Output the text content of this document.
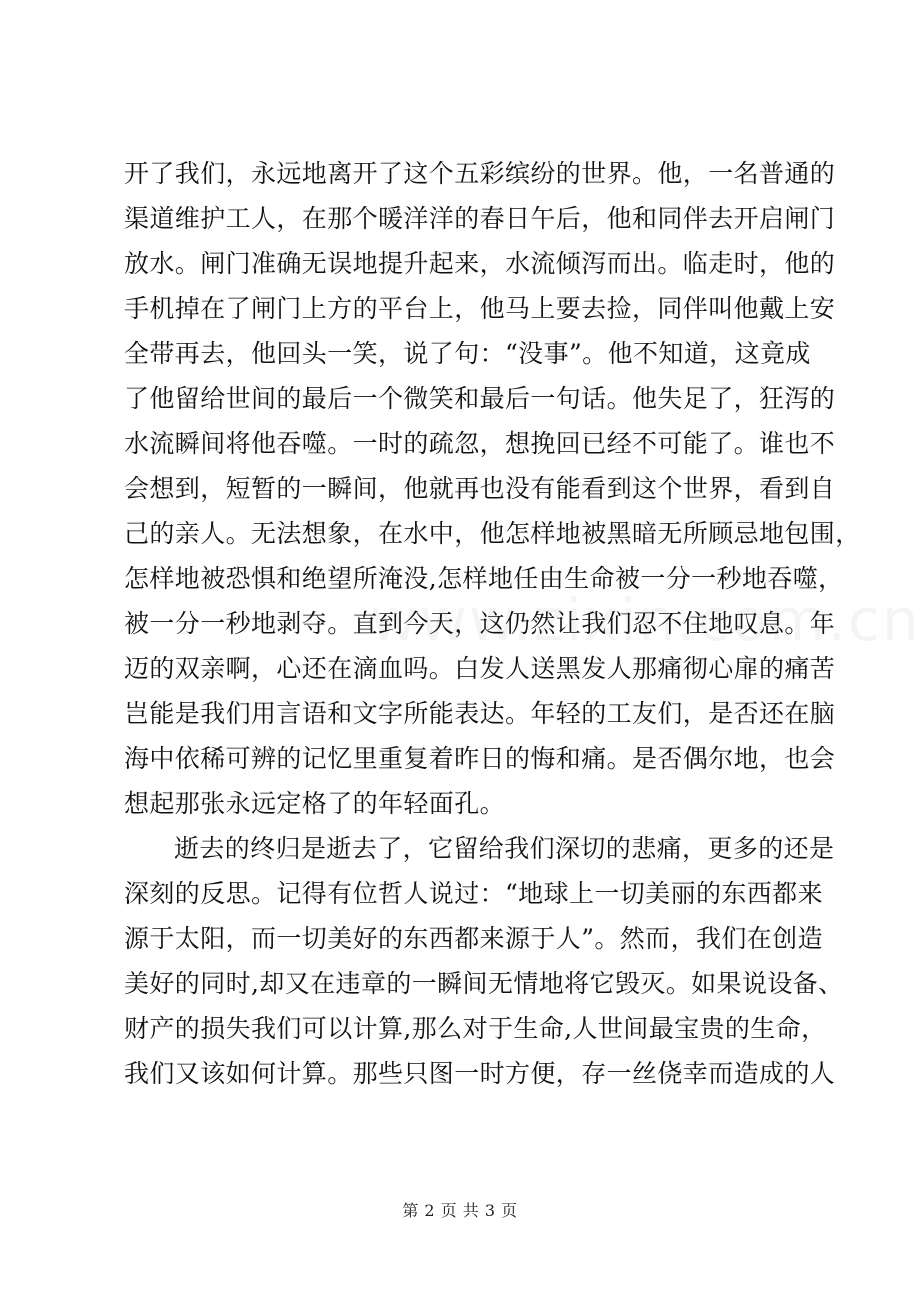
开了我们，永远地离开了这个五彩缤纷的世界。他，一名普通的
渠道维护工人，在那个暖洋洋的春日午后，他和同伴去开启闸门
放水。闸门准确无误地提升起来，水流倾泻而出。临走时，他的
手机掉在了闸门上方的平台上，他马上要去捡，同伴叫他戴上安
全带再去，他回头一笑，说了句：“没事”。他不知道，这竟成
了他留给世间的最后一个微笑和最后一句话。他失足了，狂泻的
水流瞬间将他吞噬。一时的疏忽，想挽回已经不可能了。谁也不
会想到，短暂的一瞬间，他就再也没有能看到这个世界，看到自
己的亲人。无法想象，在水中，他怎样地被黑暗无所顾忌地包围，
怎样地被恐惧和绝望所淹没,怎样地任由生命被一分一秒地吞噬，
被一分一秒地剥夺。直到今天，这仍然让我们忍不住地叹息。年
迈的双亲啊，心还在滴血吗。白发人送黑发人那痛彻心扉的痛苦
岂能是我们用言语和文字所能表达。年轻的工友们，是否还在脑
海中依稀可辨的记忆里重复着昨日的悔和痛。是否偶尔地，也会
想起那张永远定格了的年轻面孔。
逝去的终归是逝去了，它留给我们深切的悲痛，更多的还是
深刻的反思。记得有位哲人说过：“地球上一切美丽的东西都来
源于太阳，而一切美好的东西都来源于人”。然而，我们在创造
美好的同时,却又在违章的一瞬间无情地将它毁灭。如果说设备、
财产的损失我们可以计算,那么对于生命,人世间最宝贵的生命，
我们又该如何计算。那些只图一时方便，存一丝侥幸而造成的人
第 2 页 共 3 页
